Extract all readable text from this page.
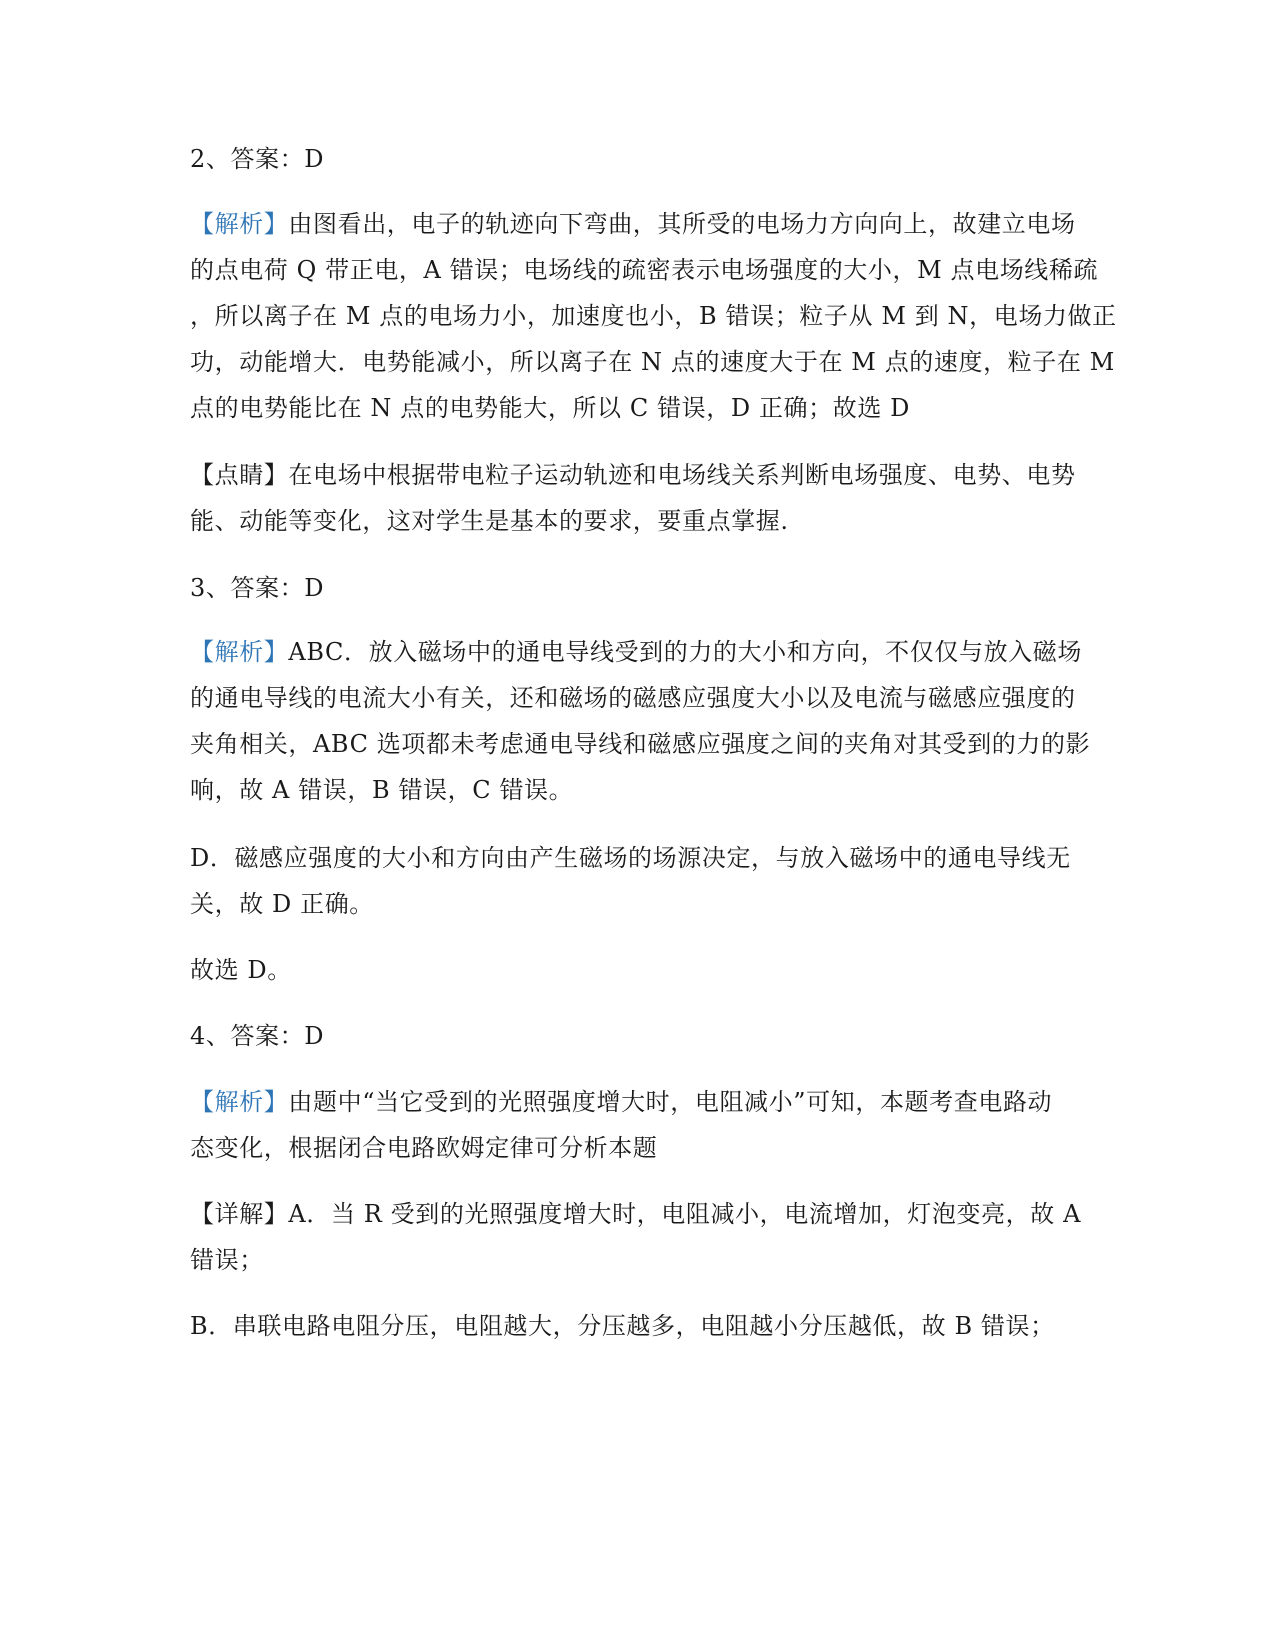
2、答案：D
【解析】由图看出，电子的轨迹向下弯曲，其所受的电场力方向向上，故建立电场
的点电荷 Q 带正电，A 错误；电场线的疏密表示电场强度的大小，M 点电场线稀疏
，所以离子在 M 点的电场力小，加速度也小，B 错误；粒子从 M 到 N，电场力做正
功，动能增大．电势能减小，所以离子在 N 点的速度大于在 M 点的速度，粒子在 M
点的电势能比在 N 点的电势能大，所以 C 错误，D 正确；故选 D
【点睛】在电场中根据带电粒子运动轨迹和电场线关系判断电场强度、电势、电势
能、动能等变化，这对学生是基本的要求，要重点掌握.
3、答案：D
【解析】ABC．放入磁场中的通电导线受到的力的大小和方向，不仅仅与放入磁场
的通电导线的电流大小有关，还和磁场的磁感应强度大小以及电流与磁感应强度的
夹角相关，ABC 选项都未考虑通电导线和磁感应强度之间的夹角对其受到的力的影
响，故 A 错误，B 错误，C 错误。
D．磁感应强度的大小和方向由产生磁场的场源决定，与放入磁场中的通电导线无
关，故 D 正确。
故选 D。
4、答案：D
【解析】由题中“当它受到的光照强度增大时，电阻减小”可知，本题考查电路动
态变化，根据闭合电路欧姆定律可分析本题
【详解】A．当 R 受到的光照强度增大时，电阻减小，电流增加，灯泡变亮，故 A
错误；
B．串联电路电阻分压，电阻越大，分压越多，电阻越小分压越低，故 B 错误；
